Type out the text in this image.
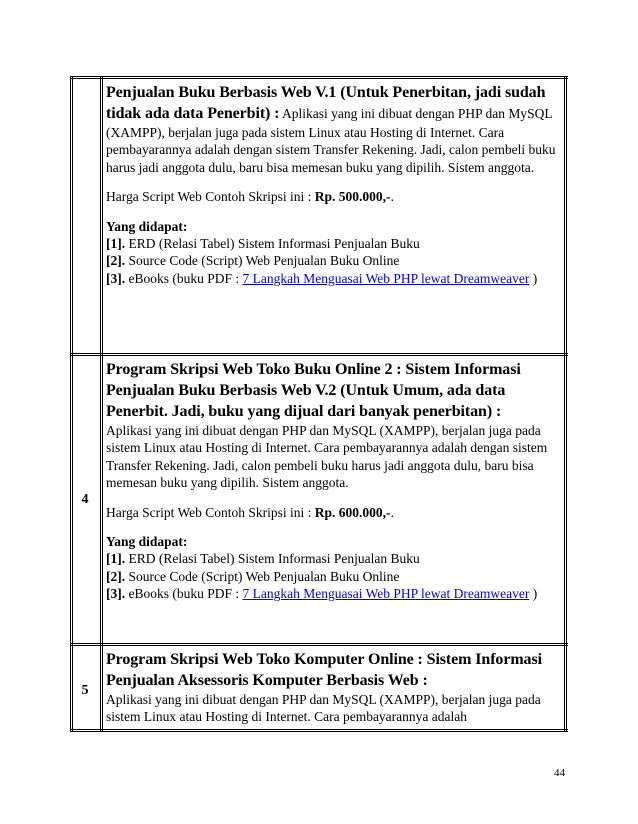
Penjualan Buku Berbasis Web V.1 (Untuk Penerbitan, jadi sudah tidak ada data Penerbit) : Aplikasi yang ini dibuat dengan PHP dan MySQL (XAMPP), berjalan juga pada sistem Linux atau Hosting di Internet. Cara pembayarannya adalah dengan sistem Transfer Rekening. Jadi, calon pembeli buku harus jadi anggota dulu, baru bisa memesan buku yang dipilih. Sistem anggota.

Harga Script Web Contoh Skripsi ini : Rp. 500.000,-.

Yang didapat:

[1]. ERD (Relasi Tabel) Sistem Informasi Penjualan Buku

[2]. Source Code (Script) Web Penjualan Buku Online

[3]. eBooks (buku PDF : 7 Langkah Menguasai Web PHP lewat Dreamweaver )

4

Program Skripsi Web Toko Buku Online 2 : Sistem Informasi Penjualan Buku Berbasis Web V.2 (Untuk Umum, ada data Penerbit. Jadi, buku yang dijual dari banyak penerbitan) :

Aplikasi yang ini dibuat dengan PHP dan MySQL (XAMPP), berjalan juga pada sistem Linux atau Hosting di Internet. Cara pembayarannya adalah dengan sistem Transfer Rekening. Jadi, calon pembeli buku harus jadi anggota dulu, baru bisa memesan buku yang dipilih. Sistem anggota.

Harga Script Web Contoh Skripsi ini : Rp. 600.000,-.

Yang didapat:

[1]. ERD (Relasi Tabel) Sistem Informasi Penjualan Buku

[2]. Source Code (Script) Web Penjualan Buku Online

[3]. eBooks (buku PDF : 7 Langkah Menguasai Web PHP lewat Dreamweaver )

5

Program Skripsi Web Toko Komputer Online : Sistem Informasi Penjualan Aksessoris Komputer Berbasis Web :

Aplikasi yang ini dibuat dengan PHP dan MySQL (XAMPP), berjalan juga pada sistem Linux atau Hosting di Internet. Cara pembayarannya adalah

44
